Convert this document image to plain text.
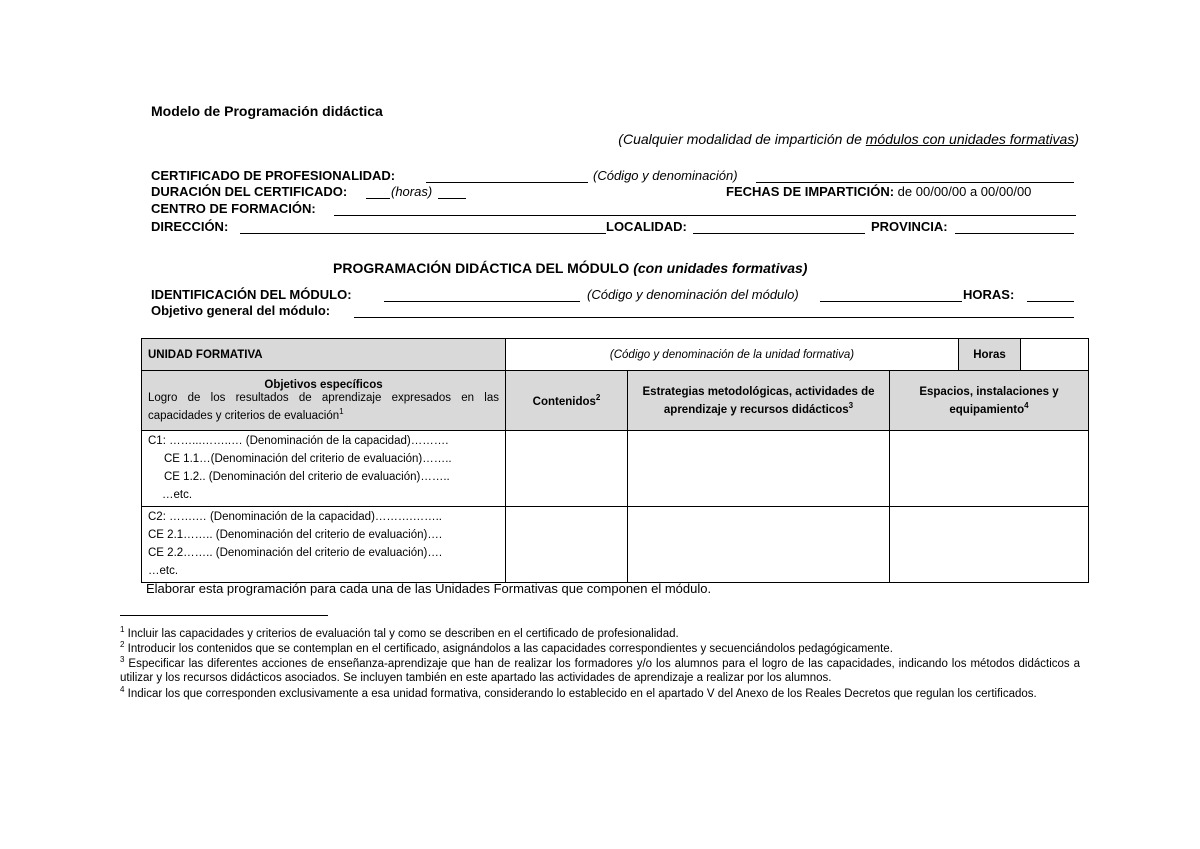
Modelo de Programación didáctica
(Cualquier modalidad de impartición de módulos con unidades formativas)
CERTIFICADO DE PROFESIONALIDAD:	(Código y denominación)
DURACIÓN DEL CERTIFICADO:	(horas)	FECHAS DE IMPARTICIÓN: de 00/00/00 a 00/00/00
CENTRO DE FORMACIÓN:
DIRECCIÓN:	LOCALIDAD:	PROVINCIA:
PROGRAMACIÓN DIDÁCTICA DEL MÓDULO (con unidades formativas)
IDENTIFICACIÓN DEL MÓDULO:	(Código y denominación del módulo)	HORAS:
Objetivo general del módulo:
UNIDAD FORMATIVA	(Código y denominación de la unidad formativa)			Horas	

Objetivos específicos
Logro de los resultados de aprendizaje expresados en las capacidades y criterios de evaluación$^1$	Contenidos$^2$	Estrategias metodológicas, actividades de aprendizaje y recursos didácticos$^3$	Espacios, instalaciones y equipamiento$^4$

C1: ……...……..… (Denominación de la capacidad)……….
CE 1.1…(Denominación del criterio de evaluación)……..
CE 1.2.. (Denominación del criterio de evaluación)……..
…etc.					

C2: …….… (Denominación de la capacidad)……….……..
CE 2.1…….. (Denominación del criterio de evaluación)….
CE 2.2…….. (Denominación del criterio de evaluación)….
…etc.					

Elaborar esta programación para cada una de las Unidades Formativas que componen el módulo.
$^1$ Incluir las capacidades y criterios de evaluación tal y como se describen en el certificado de profesionalidad.
$^2$ Introducir los contenidos que se contemplan en el certificado, asignándolos a las capacidades correspondientes y secuenciándolos pedagógicamente.
$^3$ Especificar las diferentes acciones de enseñanza-aprendizaje que han de realizar los formadores y/o los alumnos para el logro de las capacidades, indicando los métodos didácticos a utilizar y los recursos didácticos asociados. Se incluyen también en este apartado las actividades de aprendizaje a realizar por los alumnos.
$^4$ Indicar los que corresponden exclusivamente a esa unidad formativa, considerando lo establecido en el apartado V del Anexo de los Reales Decretos que regulan los certificados.
